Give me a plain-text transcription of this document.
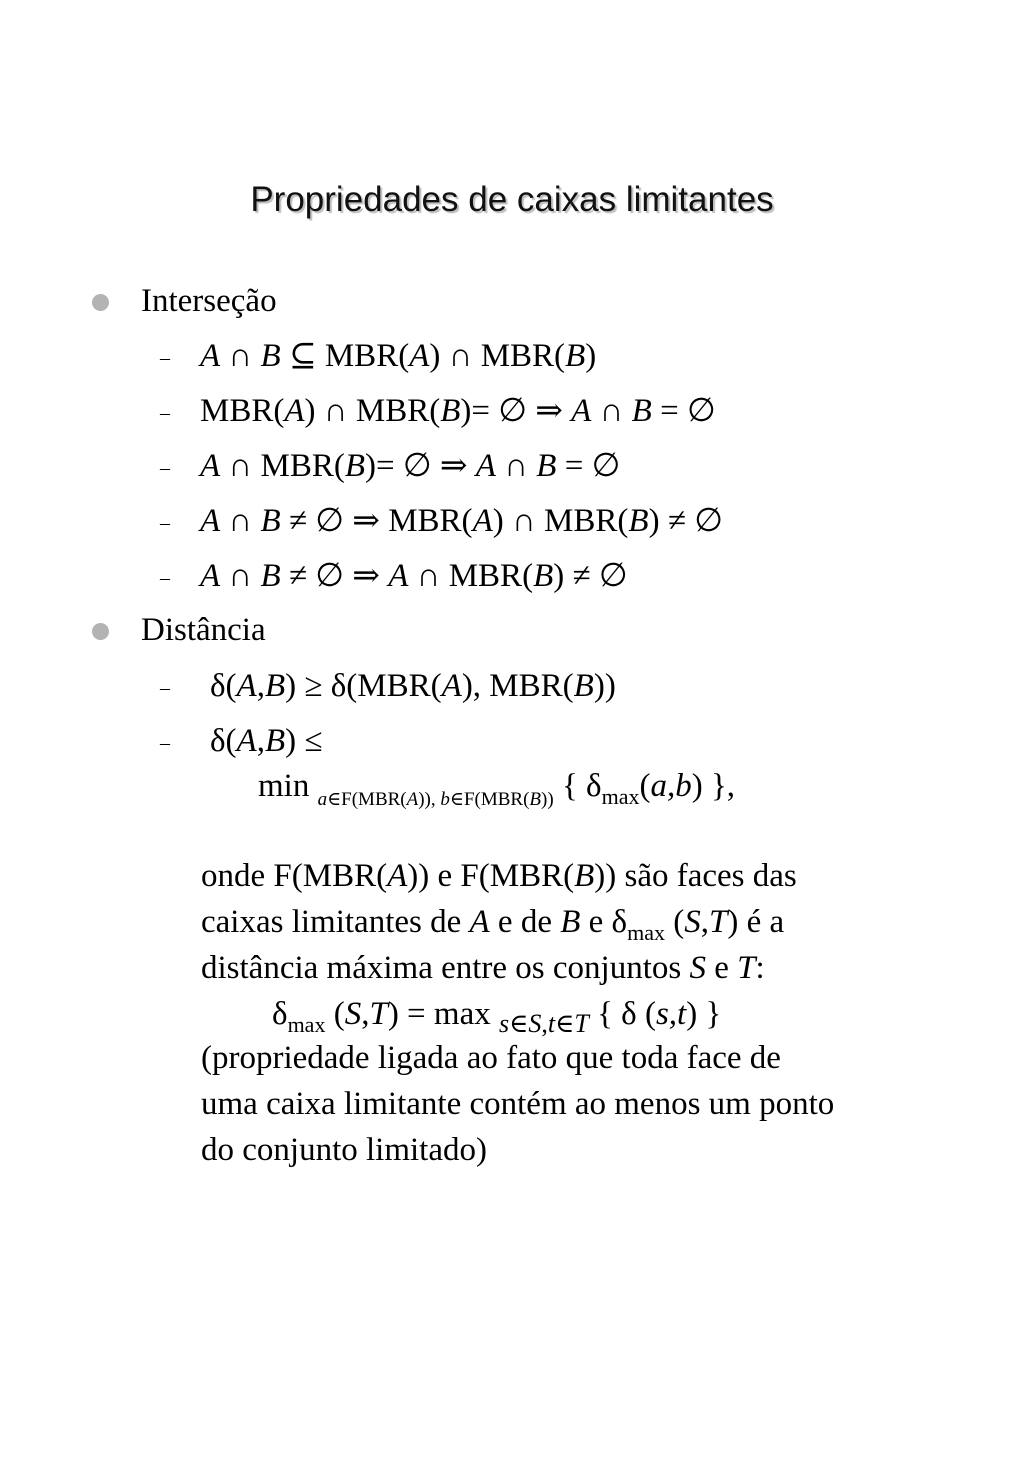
Propriedades de caixas limitantes
Interseção
– A ∩ B ⊆ MBR(A) ∩ MBR(B)
– MBR(A) ∩ MBR(B)= ∅ ⇒ A ∩ B = ∅
– A ∩ MBR(B)= ∅ ⇒ A ∩ B = ∅
– A ∩ B ≠ ∅ ⇒ MBR(A) ∩ MBR(B) ≠ ∅
– A ∩ B ≠ ∅ ⇒ A ∩ MBR(B) ≠ ∅
Distância
– δ(A,B) ≥ δ(MBR(A), MBR(B))
– δ(A,B) ≤
min $_{a\in F(MBR(A)), b\in F(MBR(B))}$ { $\delta_{max}(a,b)$ },
onde F(MBR(A)) e F(MBR(B)) são faces das
caixas limitantes de A e de B e $\delta_{max}$ (S,T) é a
distância máxima entre os conjuntos S e T:
$\delta_{max}$ (S,T) = max $_{s\in S,t\in T}$ { δ (s,t) }
(propriedade ligada ao fato que toda face de
uma caixa limitante contém ao menos um ponto
do conjunto limitado)
